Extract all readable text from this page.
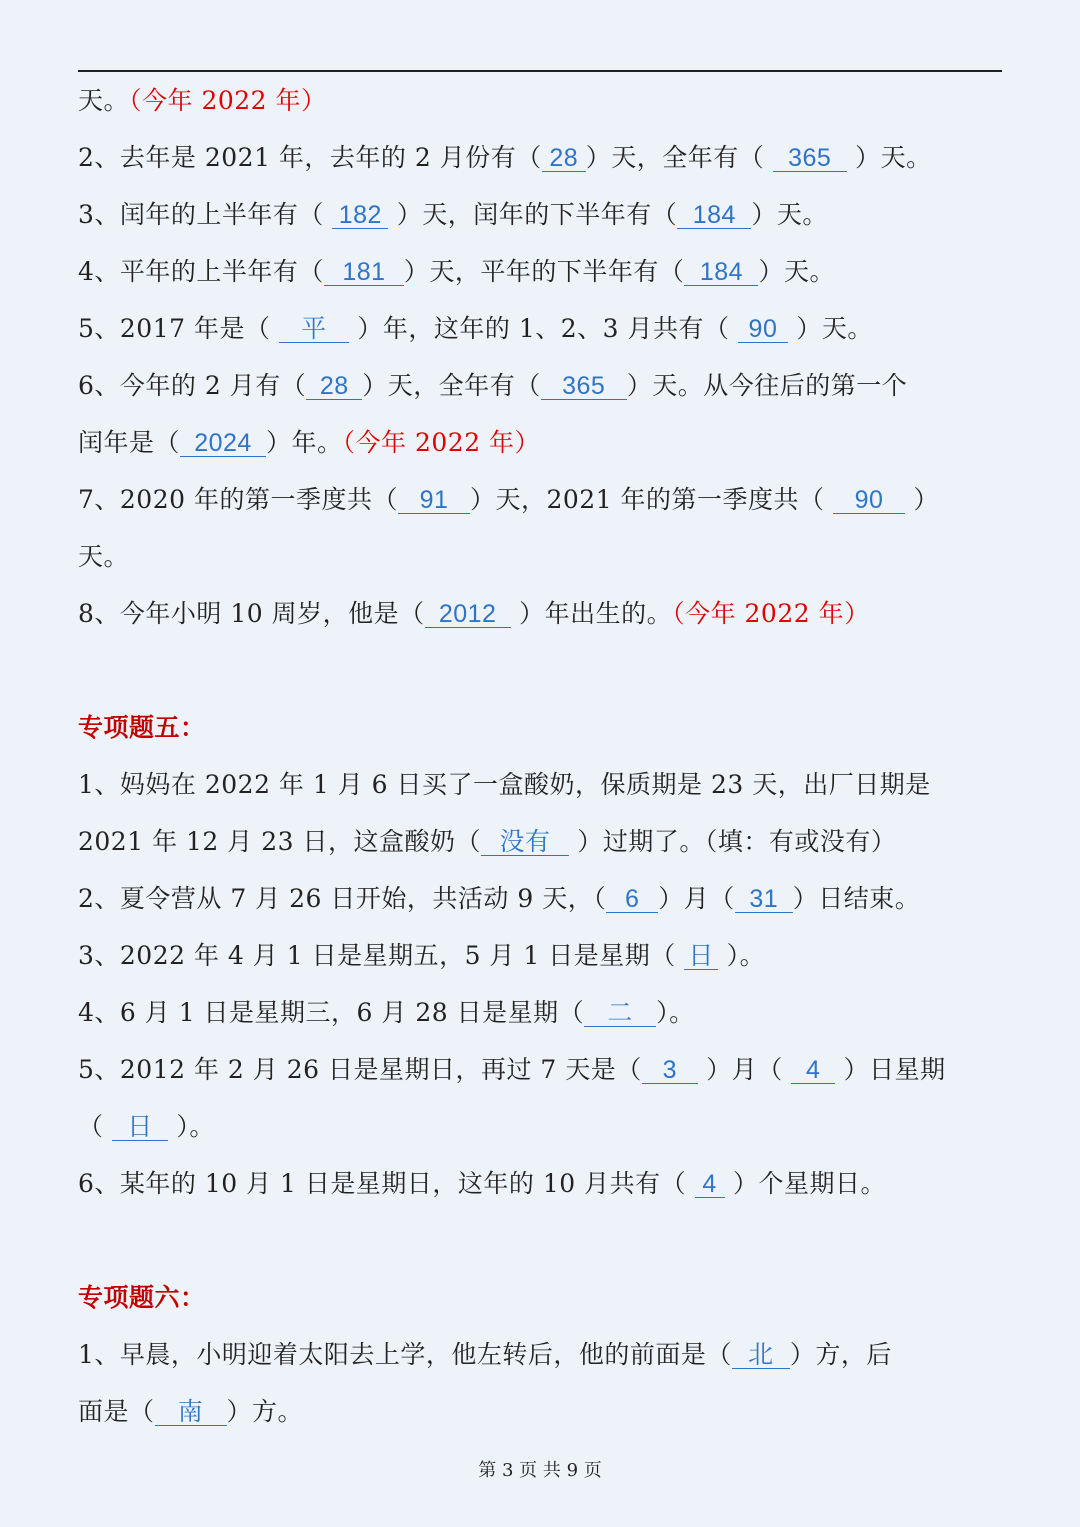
天。（今年 2022 年）
2、去年是 2021 年，去年的 2 月份有（ 28 ）天，全年有（ 365 ）天。
3、闰年的上半年有（ 182 ）天，闰年的下半年有（ 184 ）天。
4、平年的上半年有（ 181 ）天，平年的下半年有（ 184 ）天。
5、2017 年是（ 平 ）年，这年的 1、2、3 月共有（ 90 ）天。
6、今年的 2 月有（ 28 ）天，全年有（ 365 ）天。从今往后的第一个
闰年是（ 2024 ）年。（今年 2022 年）
7、2020 年的第一季度共（ 91 ）天，2021 年的第一季度共（ 90 ）
天。
8、今年小明 10 周岁，他是（ 2012 ）年出生的。（今年 2022 年）
专项题五：
1、妈妈在 2022 年 1 月 6 日买了一盒酸奶，保质期是 23 天，出厂日期是
2021 年 12 月 23 日，这盒酸奶（ 没有 ）过期了。（填：有或没有）
2、夏令营从 7 月 26 日开始，共活动 9 天，（ 6 ）月（ 31 ）日结束。
3、2022 年 4 月 1 日是星期五，5 月 1 日是星期（ 日 ）。
4、6 月 1 日是星期三，6 月 28 日是星期（ 二 ）。
5、2012 年 2 月 26 日是星期日，再过 7 天是（ 3 ）月（ 4 ）日星期
（ 日 ）。
6、某年的 10 月 1 日是星期日，这年的 10 月共有（ 4 ）个星期日。
专项题六：
1、早晨，小明迎着太阳去上学，他左转后，他的前面是（ 北 ）方，后
面是（ 南 ）方。
第 3 页 共 9 页
